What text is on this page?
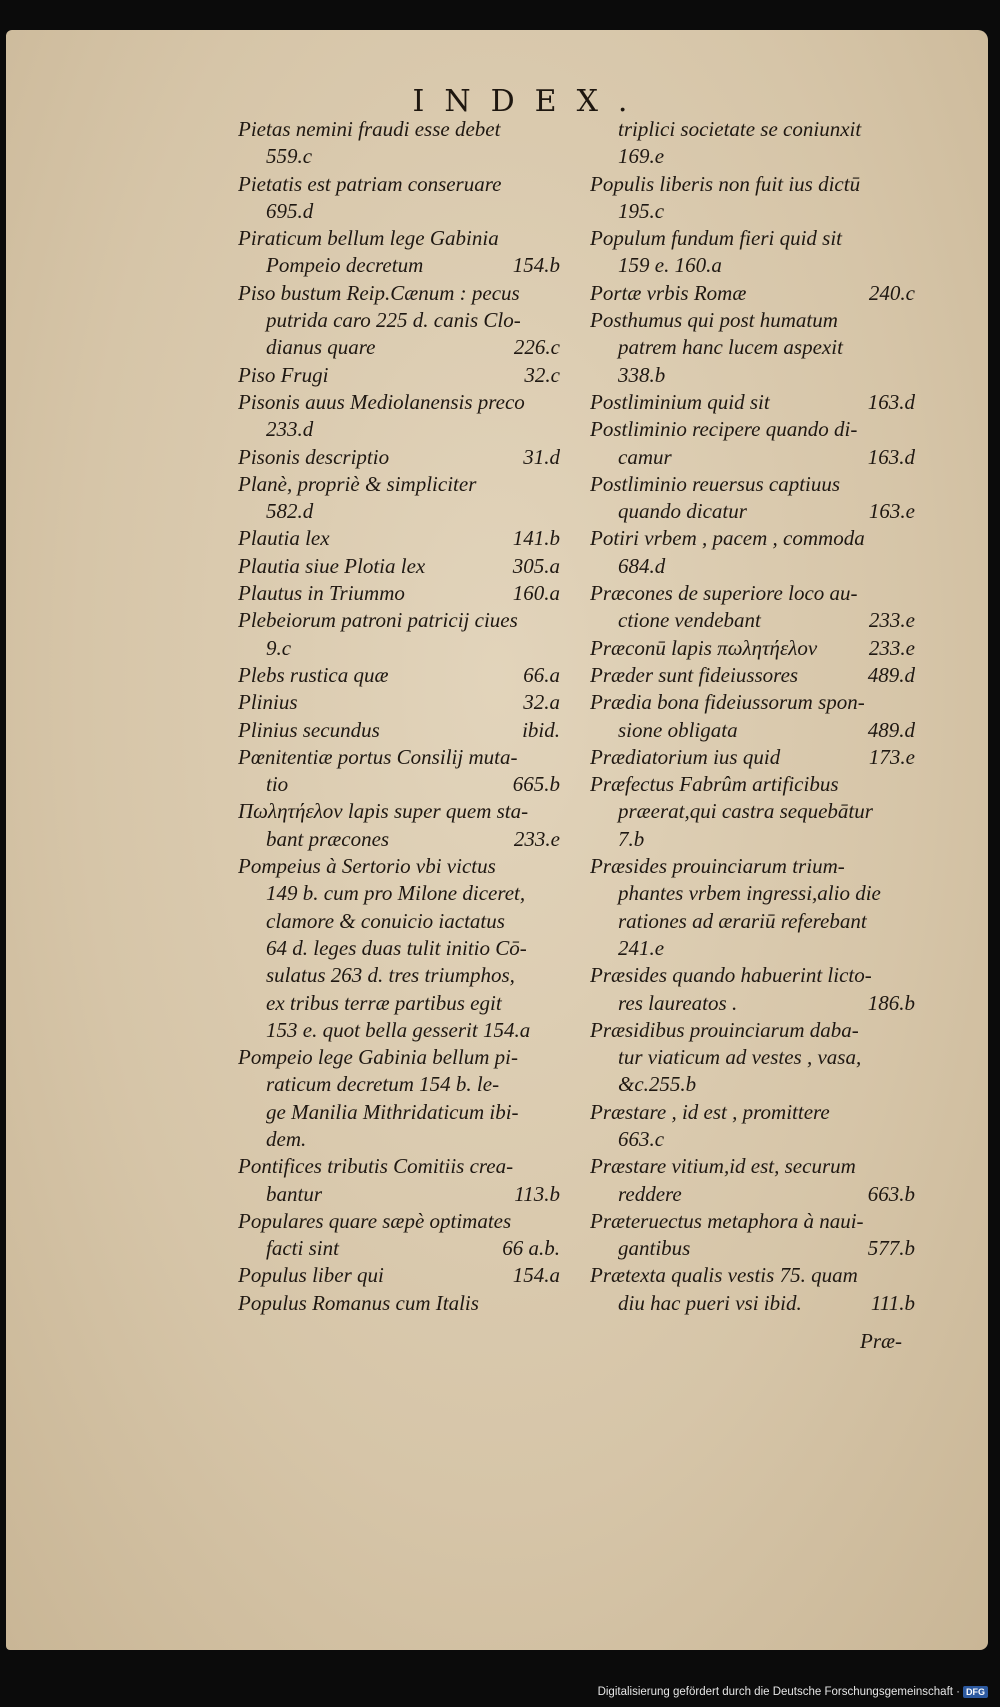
INDEX.
Pietas nemini fraudi esse debet
559.c
Pietatis est patriam conseruare
695.d
Piraticum bellum lege Gabinia
Pompeio decretum	154.b
Piso bustum Reip.Cænum : pecus
putrida caro 225 d. canis Clo-
dianus quare	226.c
Piso Frugi	32.c
Pisonis auus Mediolanensis preco
233.d
Pisonis descriptio	31.d
Planè, propriè & simpliciter
582.d
Plautia lex	141.b
Plautia siue Plotia lex	305.a
Plautus in Triummo	160.a
Plebeiorum patroni patricij ciues
9.c
Plebs rustica quæ	66.a
Plinius	32.a
Plinius secundus	ibid.
Pœnitentiæ portus Consilij muta-
tio	665.b
Πωλητήελον lapis super quem sta-
bant præcones	233.e
Pompeius à Sertorio vbi victus
149 b. cum pro Milone diceret,
clamore & conuicio iactatus
64 d. leges duas tulit initio Cō-
sulatus 263 d. tres triumphos,
ex tribus terræ partibus egit
153 e. quot bella gesserit 154.a
Pompeio lege Gabinia bellum pi-
raticum decretum 154 b. le-
ge Manilia Mithridaticum ibi-
dem.
Pontifices tributis Comitiis crea-
bantur	113.b
Populares quare sæpè optimates
facti sint	66 a.b.
Populus liber qui	154.a
Populus Romanus cum Italis
triplici societate se coniunxit
169.e
Populis liberis non fuit ius dictū
195.c
Populum fundum fieri quid sit
159 e. 160.a
Portæ vrbis Romæ	240.c
Posthumus qui post humatum
patrem hanc lucem aspexit
338.b
Postliminium quid sit	163.d
Postliminio recipere quando di-
camur	163.d
Postliminio reuersus captiuus
quando dicatur	163.e
Potiri vrbem , pacem , commoda
684.d
Præcones de superiore loco au-
ctione vendebant	233.e
Præconū lapis πωλητήελον 233.e
Præder sunt fideiussores	489.d
Prædia bona fideiussorum spon-
sione obligata	489.d
Prædiatorium ius quid	173.e
Præfectus Fabrûm artificibus
præerat,qui castra sequebātur
7.b
Præsides prouinciarum trium-
phantes vrbem ingressi,alio die
rationes ad ærariū referebant
241.e
Præsides quando habuerint licto-
res laureatos .	186.b
Præsidibus prouinciarum daba-
tur viaticum ad vestes , vasa,
&c.255.b
Præstare , id est , promittere
663.c
Præstare vitium,id est, securum
reddere	663.b
Præteruectus metaphora à naui-
gantibus	577.b
Prætexta qualis vestis 75. quam
diu hac pueri vsi ibid.	111.b
Præ-
Digitalisierung gefördert durch die Deutsche Forschungsgemeinschaft · DFG
